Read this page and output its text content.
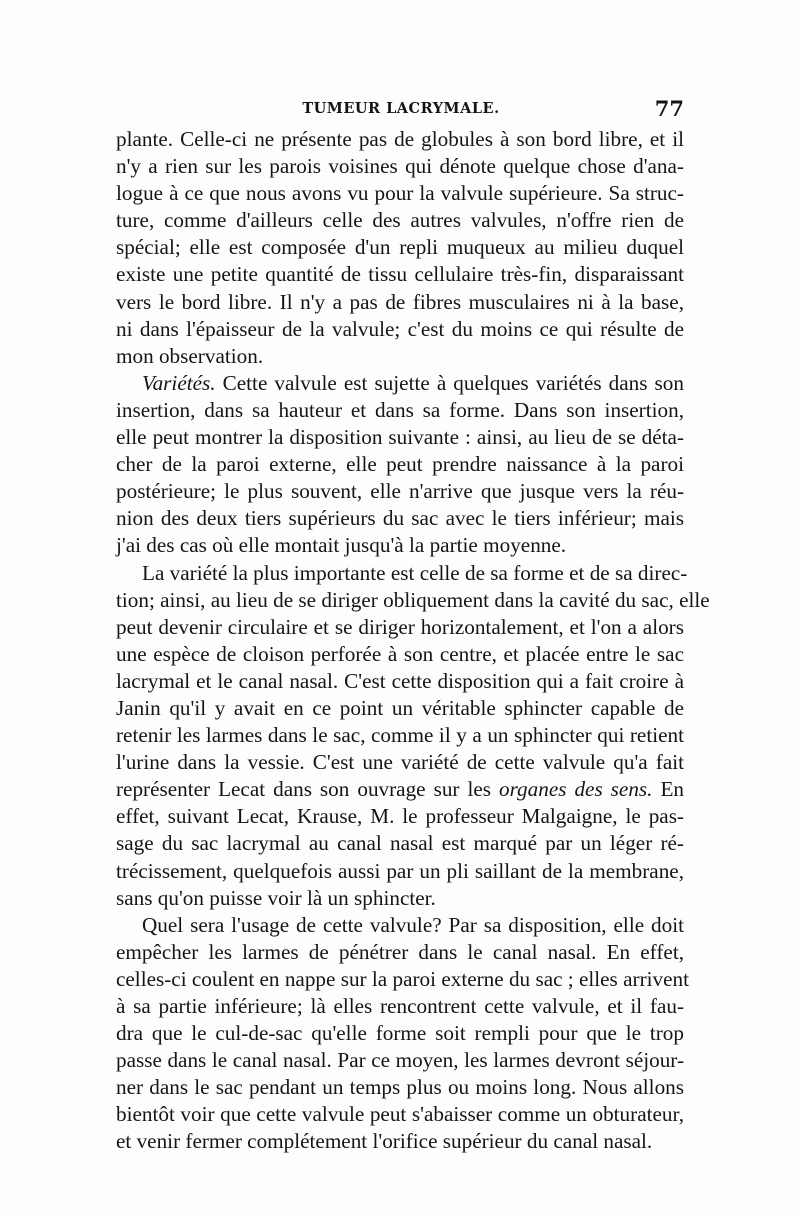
TUMEUR LACRYMALE.	77
plante. Celle-ci ne présente pas de globules à son bord libre, et il
n'y a rien sur les parois voisines qui dénote quelque chose d'ana-
logue à ce que nous avons vu pour la valvule supérieure. Sa struc-
ture, comme d'ailleurs celle des autres valvules, n'offre rien de
spécial; elle est composée d'un repli muqueux au milieu duquel
existe une petite quantité de tissu cellulaire très-fin, disparaissant
vers le bord libre. Il n'y a pas de fibres musculaires ni à la base,
ni dans l'épaisseur de la valvule; c'est du moins ce qui résulte de
mon observation.
Variétés. Cette valvule est sujette à quelques variétés dans son
insertion, dans sa hauteur et dans sa forme. Dans son insertion,
elle peut montrer la disposition suivante : ainsi, au lieu de se déta-
cher de la paroi externe, elle peut prendre naissance à la paroi
postérieure; le plus souvent, elle n'arrive que jusque vers la réu-
nion des deux tiers supérieurs du sac avec le tiers inférieur; mais
j'ai des cas où elle montait jusqu'à la partie moyenne.
La variété la plus importante est celle de sa forme et de sa direc-
tion; ainsi, au lieu de se diriger obliquement dans la cavité du sac, elle
peut devenir circulaire et se diriger horizontalement, et l'on a alors
une espèce de cloison perforée à son centre, et placée entre le sac
lacrymal et le canal nasal. C'est cette disposition qui a fait croire à
Janin qu'il y avait en ce point un véritable sphincter capable de
retenir les larmes dans le sac, comme il y a un sphincter qui retient
l'urine dans la vessie. C'est une variété de cette valvule qu'a fait
représenter Lecat dans son ouvrage sur les organes des sens. En
effet, suivant Lecat, Krause, M. le professeur Malgaigne, le pas-
sage du sac lacrymal au canal nasal est marqué par un léger ré-
trécissement, quelquefois aussi par un pli saillant de la membrane,
sans qu'on puisse voir là un sphincter.
Quel sera l'usage de cette valvule? Par sa disposition, elle doit
empêcher les larmes de pénétrer dans le canal nasal. En effet,
celles-ci coulent en nappe sur la paroi externe du sac ; elles arrivent
à sa partie inférieure; là elles rencontrent cette valvule, et il fau-
dra que le cul-de-sac qu'elle forme soit rempli pour que le trop
passe dans le canal nasal. Par ce moyen, les larmes devront séjour-
ner dans le sac pendant un temps plus ou moins long. Nous allons
bientôt voir que cette valvule peut s'abaisser comme un obturateur,
et venir fermer complétement l'orifice supérieur du canal nasal.
